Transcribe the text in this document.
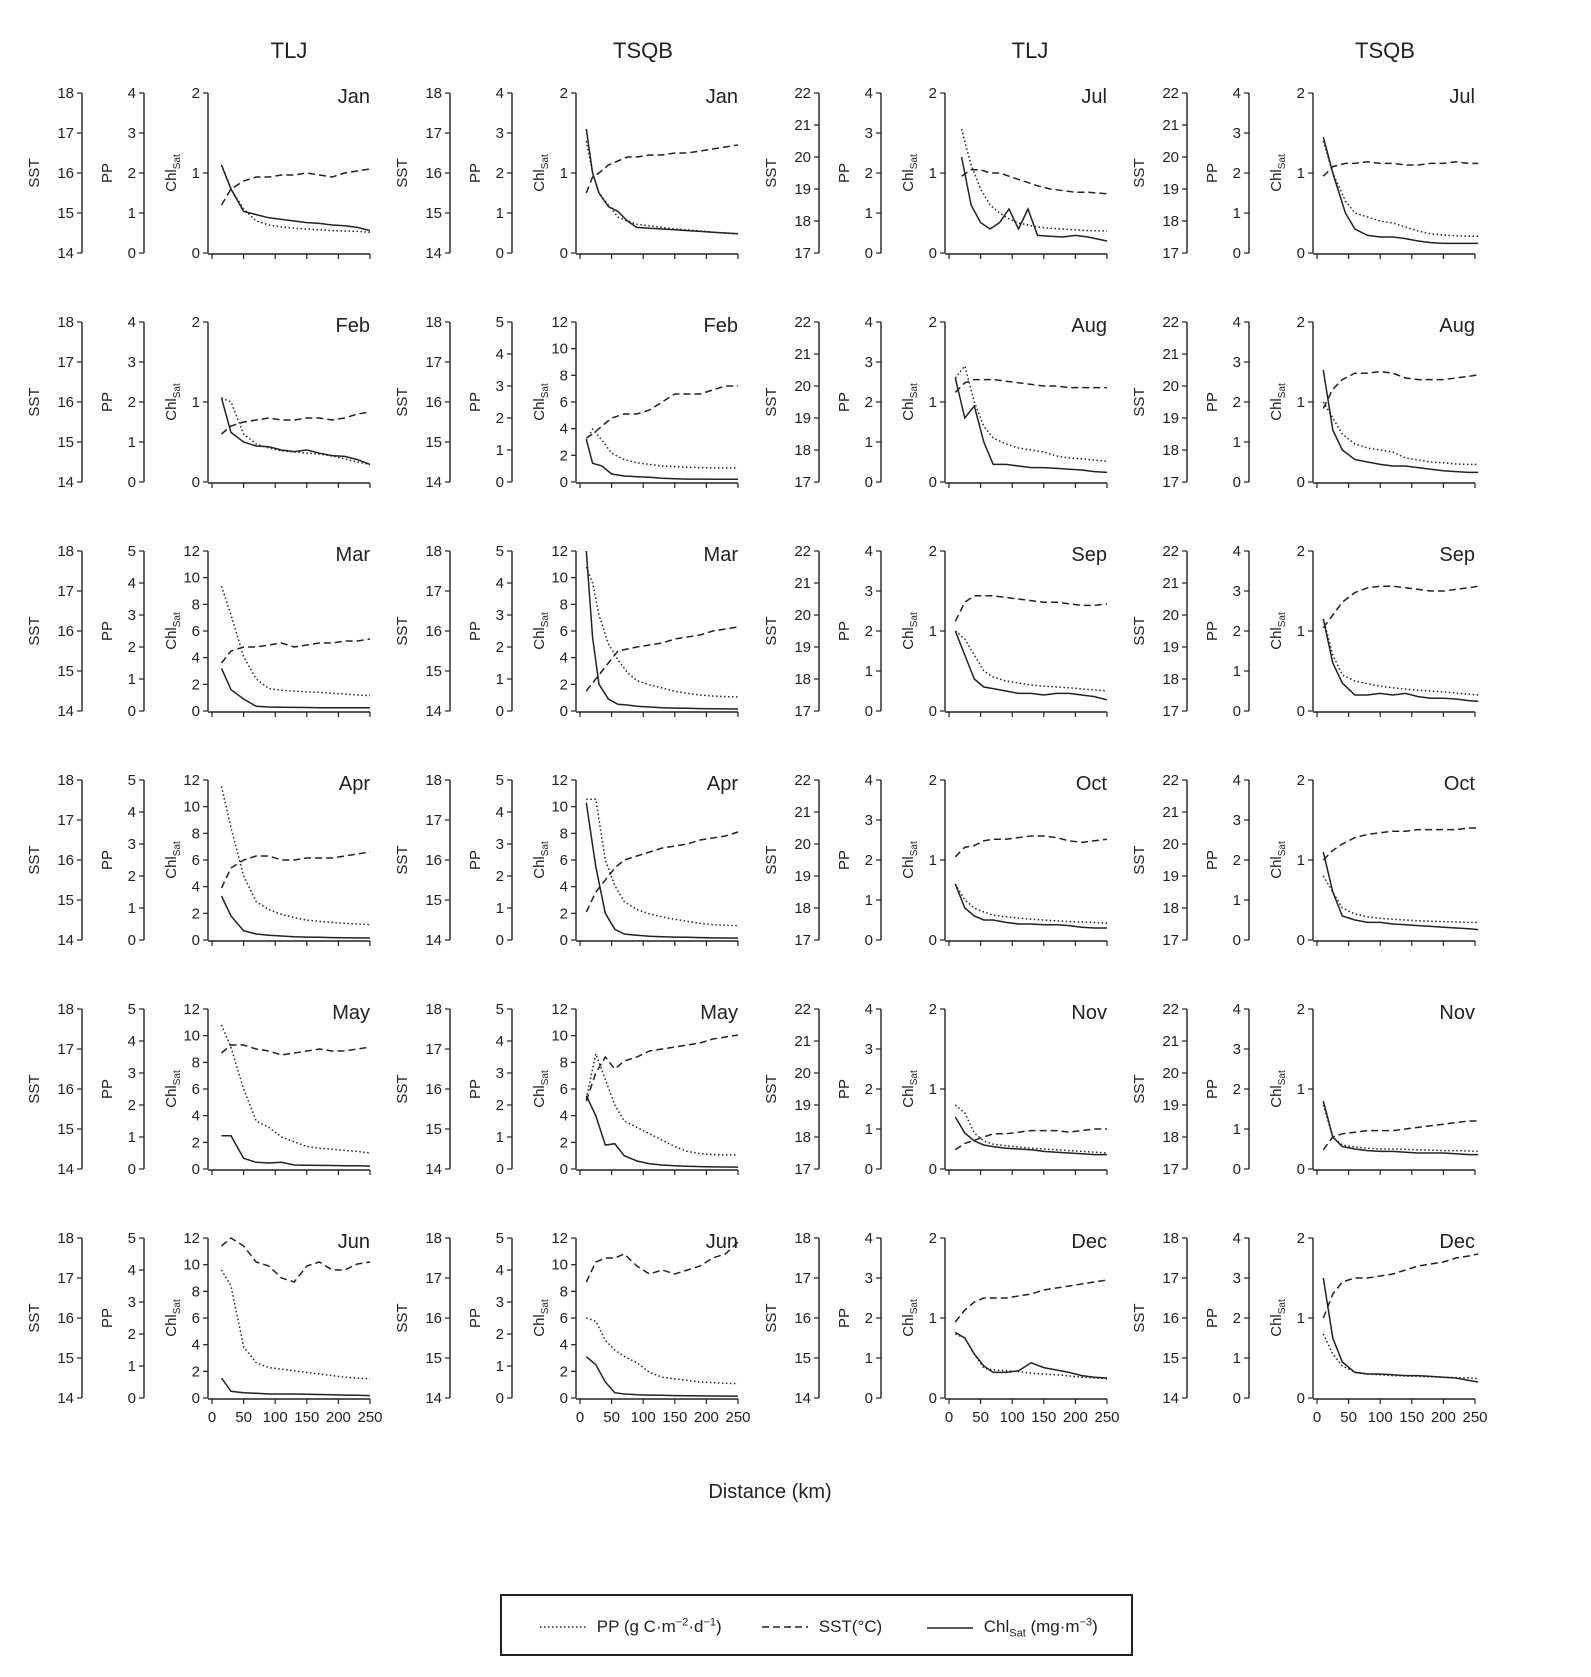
TLJ	TSQB	TLJ	TSQB
SST	PP	Chl$_{Sat}$
14
15
16
17
18
0
1
2
3
4
0
1
2	Jan
SST	PP	Chl$_{Sat}$
14
15
16
17
18
0
1
2
3
4
0
1
2	Jan
SST	PP	Chl$_{Sat}$
17
18
19
20
21
22
0
1
2
3
4
0
1
2	Jul
SST	PP	Chl$_{Sat}$
17
18
19
20
21
22
0
1
2
3
4
0
1
2	Jul
SST	PP	Chl$_{Sat}$
14
15
16
17
18
0
1
2
3
4
0
1
2	Feb
SST	PP	Chl$_{Sat}$
14
15
16
17
18
0
1
2
3
4
5
0
2
4
6
8
10
12	Feb
SST	PP	Chl$_{Sat}$
17
18
19
20
21
22
0
1
2
3
4
0
1
2	Aug
SST	PP	Chl$_{Sat}$
17
18
19
20
21
22
0
1
2
3
4
0
1
2	Aug
SST	PP	Chl$_{Sat}$
14
15
16
17
18
0
1
2
3
4
5
0
2
4
6
8
10
12	Mar
SST	PP	Chl$_{Sat}$
14
15
16
17
18
0
1
2
3
4
5
0
2
4
6
8
10
12	Mar
SST	PP	Chl$_{Sat}$
17
18
19
20
21
22
0
1
2
3
4
0
1
2	Sep
SST	PP	Chl$_{Sat}$
17
18
19
20
21
22
0
1
2
3
4
0
1
2	Sep
SST	PP	Chl$_{Sat}$
14
15
16
17
18
0
1
2
3
4
5
0
2
4
6
8
10
12	Apr
SST	PP	Chl$_{Sat}$
14
15
16
17
18
0
1
2
3
4
5
0
2
4
6
8
10
12	Apr
SST	PP	Chl$_{Sat}$
17
18
19
20
21
22
0
1
2
3
4
0
1
2	Oct
SST	PP	Chl$_{Sat}$
17
18
19
20
21
22
0
1
2
3
4
0
1
2	Oct
SST	PP	Chl$_{Sat}$
14
15
16
17
18
0
1
2
3
4
5
0
2
4
6
8
10
12	May
SST	PP	Chl$_{Sat}$
14
15
16
17
18
0
1
2
3
4
5
0
2
4
6
8
10
12	May
SST	PP	Chl$_{Sat}$
17
18
19
20
21
22
0
1
2
3
4
0
1
2	Nov
SST	PP	Chl$_{Sat}$
17
18
19
20
21
22
0
1
2
3
4
0
1
2	Nov
SST	PP	Chl$_{Sat}$
14
15
16
17
18
0
1
2
3
4
5
0
2
4
6
8
10
12
0 50 100 150 200 250
Jun
SST	PP	Chl$_{Sat}$
14
15
16
17
18
0
1
2
3
4
5
0
2
4
6
8
10
12
0 50 100 150 200 250
Jun
SST	PP	Chl$_{Sat}$
14
15
16
17
18
0
1
2
3
4
0
1
2
0 50 100 150 200 250
Dec
SST	PP	Chl$_{Sat}$
14
15
16
17
18
0
1
2
3
4
0
1
2
0 50 100 150 200 250
Dec
Distance (km)
PP (g $C\cdot m^{-2}\cdot d^{-1}$)	SST(°C)	Chl$_{Sat}$ $(mg\cdot m^{-3})$
